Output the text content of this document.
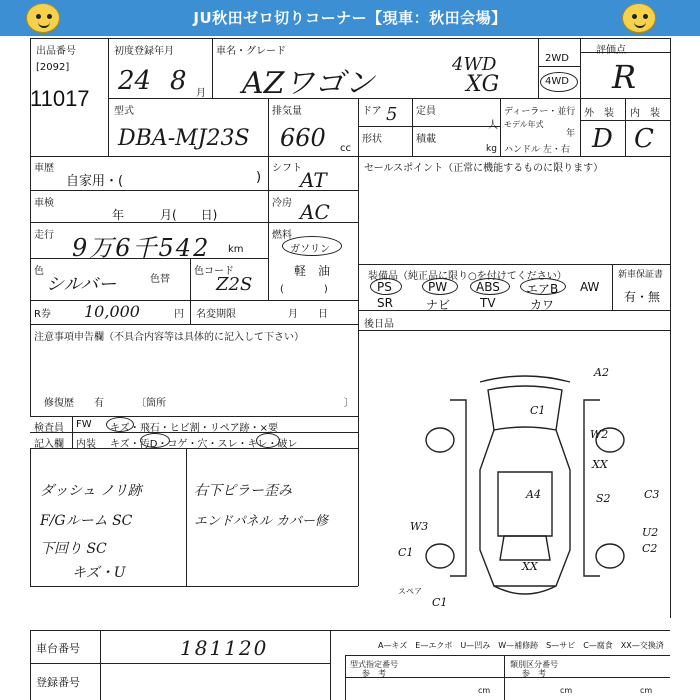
JU秋田ゼロ切りコーナー【現車：秋田会場】
出品番号
[2092]
11017
初度登録年月
24 8 月
車名・グレード
AZワゴン
4WD
XG
2WD
4WD
評価点
R
型式
DBA-MJ23S
排気量
660 cc
ドア 5 定員
人
形状	積載
kg
ディーラー・並行
モデル年式
年
ハンドル 左・右
外　装 内　装
D C
車歴
自家用・(	)
車検
年　　　月(　　日)
走行 9万6千542 km
色
シルバー	色替
色コード
Z2S
R券 10,000	円 名変期限	月　　日
シフト
AT
冷房 AC
燃料
ガソリン
軽　油
(　　　　)
セールスポイント（正常に機能するものに限ります）
装備品（純正品に限り○を付けてください）	新車保証書
有・無
PS	PW ABS エアB AW
SR	ナビ TV	カワ
後日品
注意事項申告欄（不具合内容等は具体的に記入して下さい）
修復歴　　有	〔箇所	〕
検査員
記入欄
FW
内装
キズ・飛石・ヒビ割・リペア跡・×要
キズ・汚D・コゲ・穴・スレ・キレ・破レ
ダッシュ ノリ跡
F/Gルーム SC
下回り SC
キズ・U
右下ピラー歪み
エンドパネル カバー修
A2
C1
W2
XX
A4	S2	C3
W3
C1
U2
C2
XX
C1
スペア
車台番号	181120
登録番号
A—キズ　E—エクボ　U—凹み　W—補修跡　S—サビ　C—腐食　XX—交換済
型式指定番号
参　考
類別区分番号
参　考
cm	cm	cm
